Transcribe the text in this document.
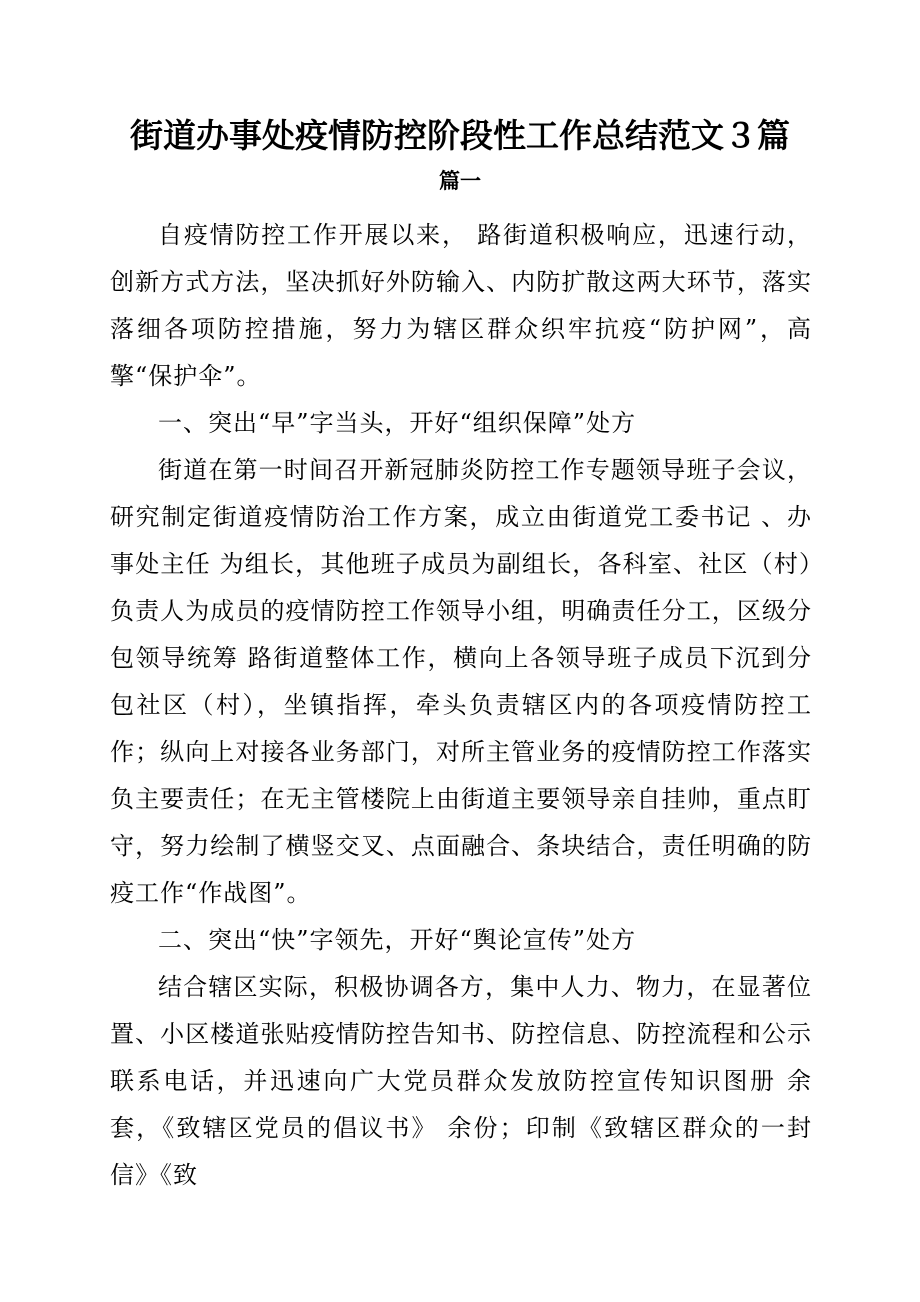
街道办事处疫情防控阶段性工作总结范文３篇
篇一

自疫情防控工作开展以来， 路街道积极响应，迅速行动，创新方式方法，坚决抓好外防输入、内防扩散这两大环节，落实落细各项防控措施，努力为辖区群众织牢抗疫“防护网”，高擎“保护伞”。

一、突出“早”字当头，开好“组织保障”处方

街道在第一时间召开新冠肺炎防控工作专题领导班子会议，研究制定街道疫情防治工作方案，成立由街道党工委书记 、办事处主任 为组长，其他班子成员为副组长，各科室、社区（村）负责人为成员的疫情防控工作领导小组，明确责任分工，区级分包领导统筹 路街道整体工作，横向上各领导班子成员下沉到分包社区（村），坐镇指挥，牵头负责辖区内的各项疫情防控工作；纵向上对接各业务部门，对所主管业务的疫情防控工作落实负主要责任；在无主管楼院上由街道主要领导亲自挂帅，重点盯守，努力绘制了横竖交叉、点面融合、条块结合，责任明确的防疫工作“作战图”。

二、突出“快”字领先，开好“舆论宣传”处方

结合辖区实际，积极协调各方，集中人力、物力，在显著位置、小区楼道张贴疫情防控告知书、防控信息、防控流程和公示联系电话，并迅速向广大党员群众发放防控宣传知识图册 余套，《致辖区党员的倡议书》 余份；印制《致辖区群众的一封信》《致
